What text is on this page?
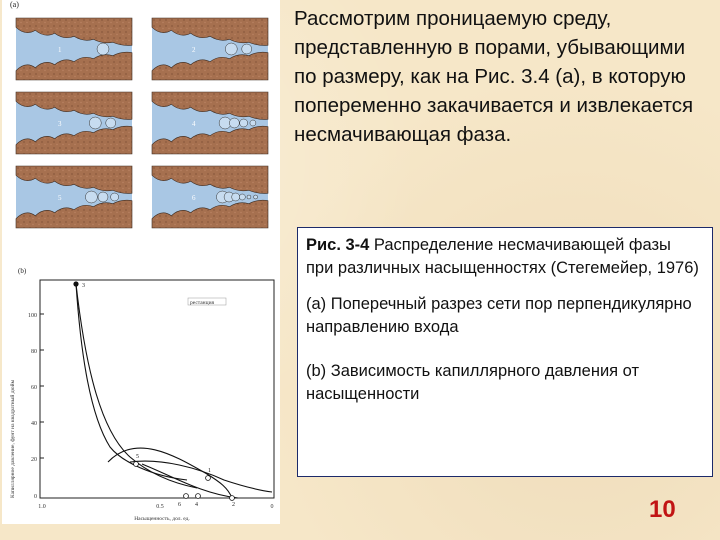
(a)
1	2
3	4
5	6
(b)
100
80
60
40
20
0
Капиллярное давление, фунт на квадратный дюйм
1.0	0.5	0
Насыщенность, дол. ед.
рестанция
3
5
6 4	2
1

Рассмотрим проницаемую среду, представленную в порами, убывающими по размеру, как на Рис. 3.4 (а), в которую попеременно закачивается и извлекается несмачивающая фаза.

Рис. 3-4 Распределение несмачивающей фазы при различных насыщенностях (Стегемейер, 1976)

(а) Поперечный разрез сети пор перпендикулярно направлению входа

(b) Зависимость капиллярного давления от насыщенности

10
